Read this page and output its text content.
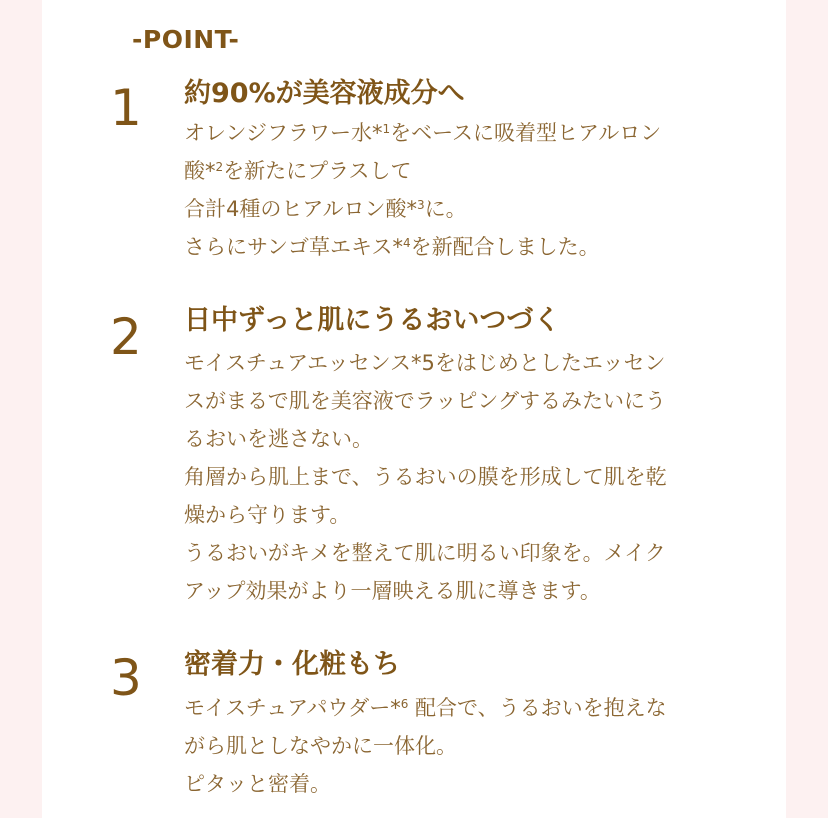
-POINT-
1 約90%が美容液成分へ
オレンジフラワー水*$^1$をベースに吸着型ヒアルロン
酸*$^2$を新たにプラスして
合計4種のヒアルロン酸*$^3$に。
さらにサンゴ草エキス*$^4$を新配合しました。
2 日中ずっと肌にうるおいつづく
モイスチュアエッセンス*5をはじめとしたエッセン
スがまるで肌を美容液でラッピングするみたいにう
るおいを逃さない。
角層から肌上まで、うるおいの膜を形成して肌を乾
燥から守ります。
うるおいがキメを整えて肌に明るい印象を。メイク
アップ効果がより一層映える肌に導きます。
3 密着力・化粧もち
モイスチュアパウダー*$^6$ 配合で、うるおいを抱えな
がら肌としなやかに一体化。
ピタッと密着。
